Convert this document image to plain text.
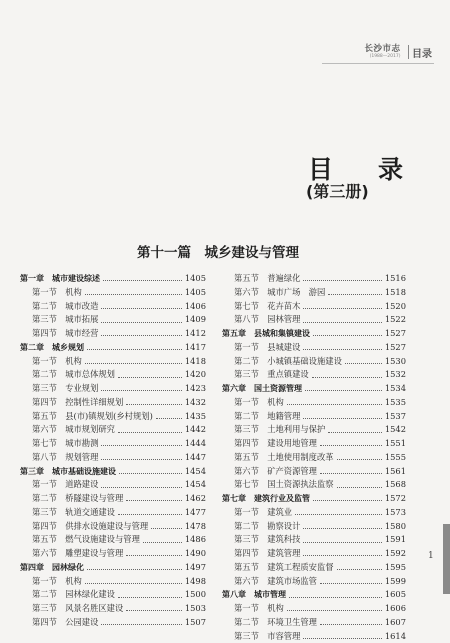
长沙市志
(1988—2017) 目录
目　录
(第三册)
第十一篇　城乡建设与管理
第一章　城市建设综述	1405
第一节　机构	1405
第二节　城市改造	1406
第三节　城市拓展	1409
第四节　城市经营	1412
第二章　城乡规划	1417
第一节　机构	1418
第二节　城市总体规划	1420
第三节　专业规划	1423
第四节　控制性详细规划	1432
第五节　县(市)镇规划(乡村规划)	1435
第六节　城市规划研究	1442
第七节　城市勘测	1444
第八节　规划管理	1447
第三章　城市基础设施建设	1454
第一节　道路建设	1454
第二节　桥隧建设与管理	1462
第三节　轨道交通建设	1477
第四节　供排水设施建设与管理	1478
第五节　燃气设施建设与管理	1486
第六节　雕塑建设与管理	1490
第四章　园林绿化	1497
第一节　机构	1498
第二节　园林绿化建设	1500
第三节　风景名胜区建设	1503
第四节　公园建设	1507
第五节　普遍绿化	1516
第六节　城市广场　游园	1518
第七节　花卉苗木	1520
第八节　园林管理	1522
第五章　县城和集镇建设	1527
第一节　县城建设	1527
第二节　小城镇基础设施建设	1530
第三节　重点镇建设	1532
第六章　国土资源管理	1534
第一节　机构	1535
第二节　地籍管理	1537
第三节　土地利用与保护	1542
第四节　建设用地管理	1551
第五节　土地使用制度改革	1555
第六节　矿产资源管理	1561
第七节　国土资源执法监察	1568
第七章　建筑行业及监管	1572
第一节　建筑业	1573
第二节　勘察设计	1580
第三节　建筑科技	1591
第四节　建筑管理	1592
第五节　建筑工程质安监督	1595
第六节　建筑市场监管	1599
第八章　城市管理	1605
第一节　机构	1606
第二节　环境卫生管理	1607
第三节　市容管理	1614
1
